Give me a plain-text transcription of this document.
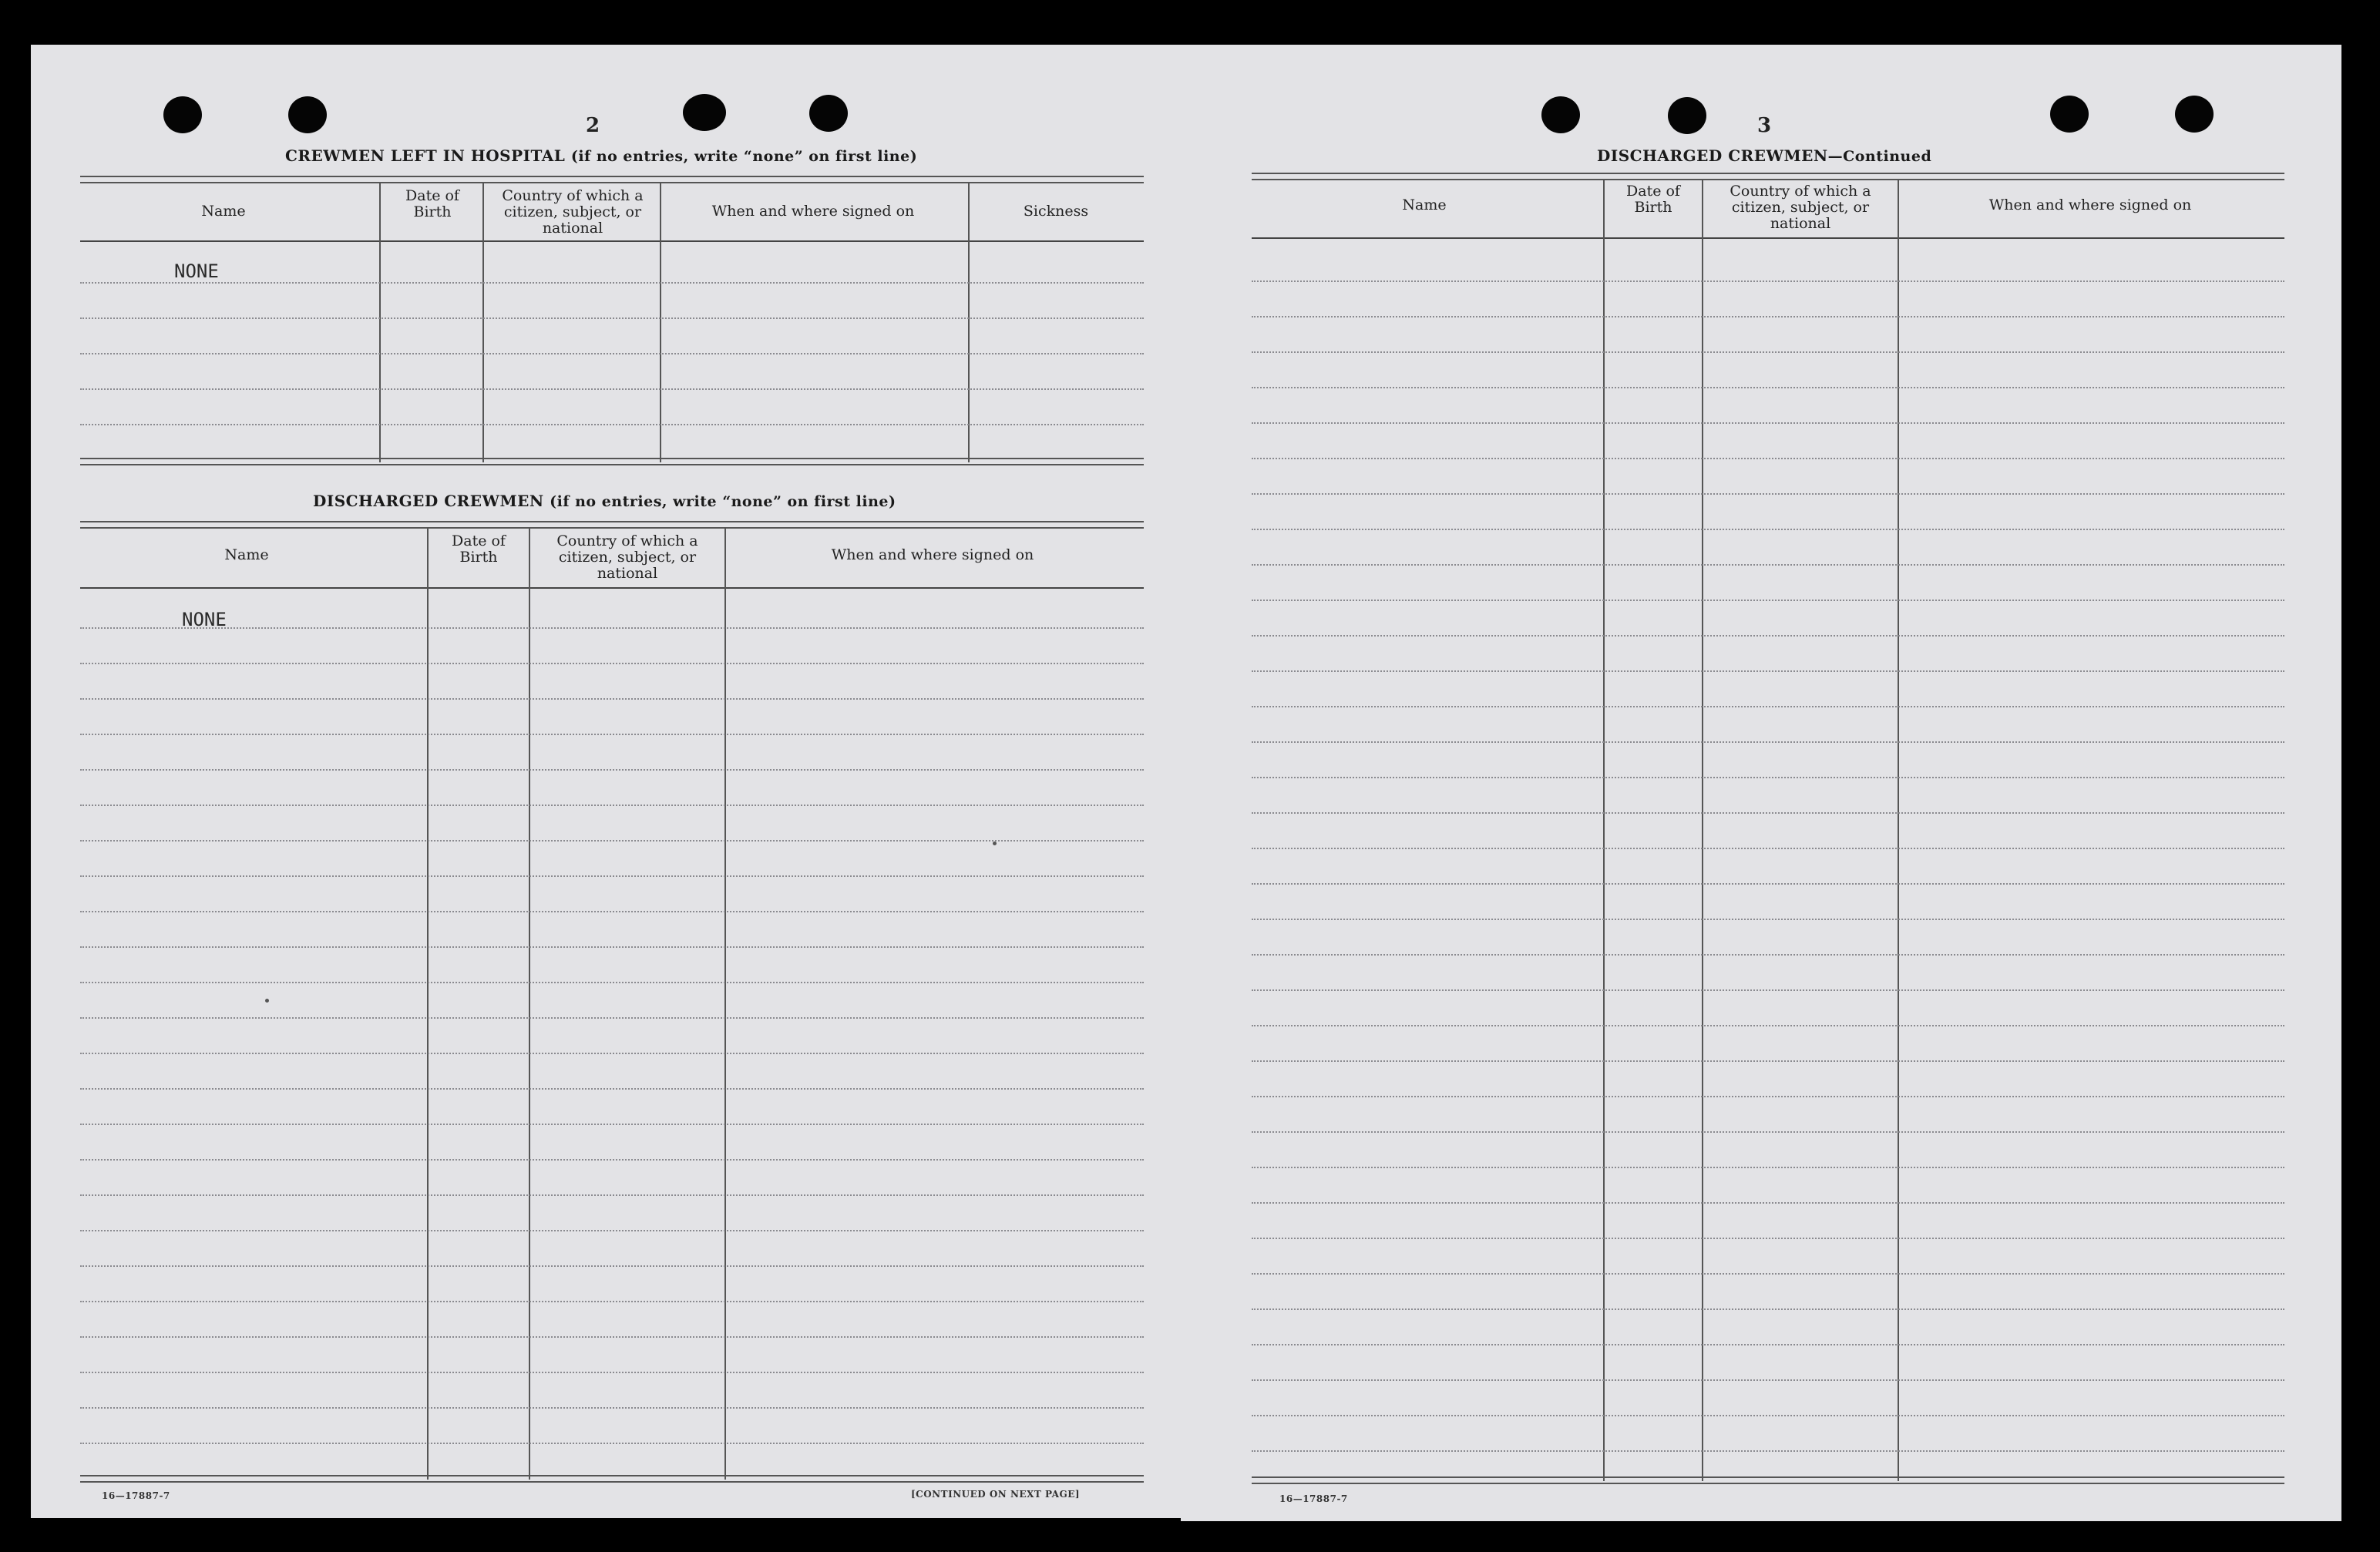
2
CREWMEN LEFT IN HOSPITAL (if no entries, write “none” on first line)
Name
Date of Birth
Country of which a citizen, subject, or national
When and where signed on	Sickness
NONE
DISCHARGED CREWMEN (if no entries, write “none” on first line)
Name
Date of Birth
Country of which a citizen, subject, or national
When and where signed on
NONE
16—17887-7	[CONTINUED ON NEXT PAGE]
3
DISCHARGED CREWMEN—Continued
Name
Date of Birth
Country of which a citizen, subject, or national
When and where signed on
16—17887-7
